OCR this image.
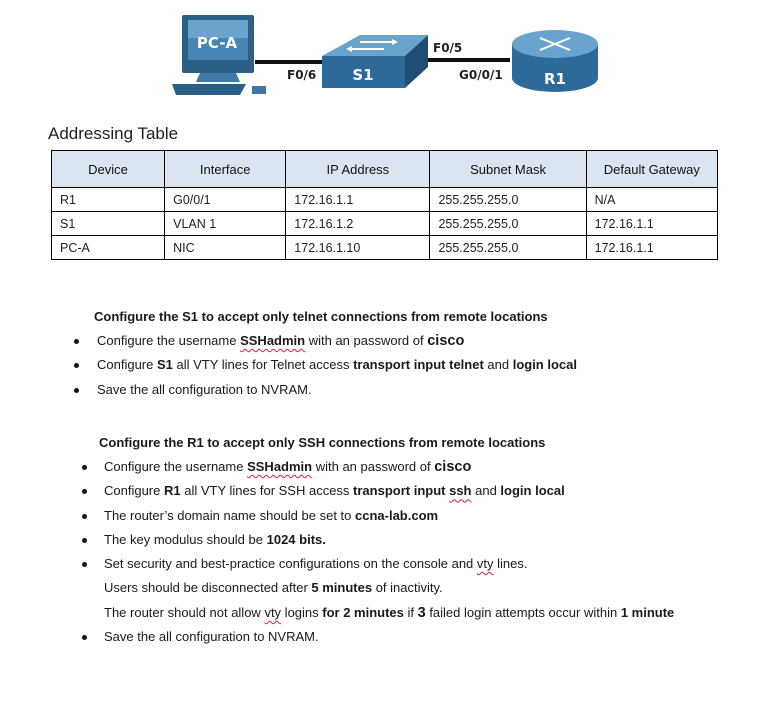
PC-A
S1	R1
F0/6
F0/5
G0/0/1
Addressing Table
Device	Interface	IP Address	Subnet Mask	Default Gateway
R1	G0/0/1	172.16.1.1	255.255.255.0	N/A
S1	VLAN 1	172.16.1.2	255.255.255.0	172.16.1.1
PC-A	NIC	172.16.1.10	255.255.255.0	172.16.1.1
Configure the S1 to accept only telnet connections from remote locations
Configure the username SSHadmin with an password of cisco
Configure S1 all VTY lines for Telnet access transport input telnet and login local
Save the all configuration to NVRAM.
Configure the R1 to accept only SSH connections from remote locations
Configure the username SSHadmin with an password of cisco
Configure R1 all VTY lines for SSH access transport input ssh and login local
The router’s domain name should be set to ccna-lab.com
The key modulus should be 1024 bits.
Set security and best-practice configurations on the console and vty lines.
Users should be disconnected after 5 minutes of inactivity.
The router should not allow vty logins for 2 minutes if 3 failed login attempts occur within 1 minute
Save the all configuration to NVRAM.
